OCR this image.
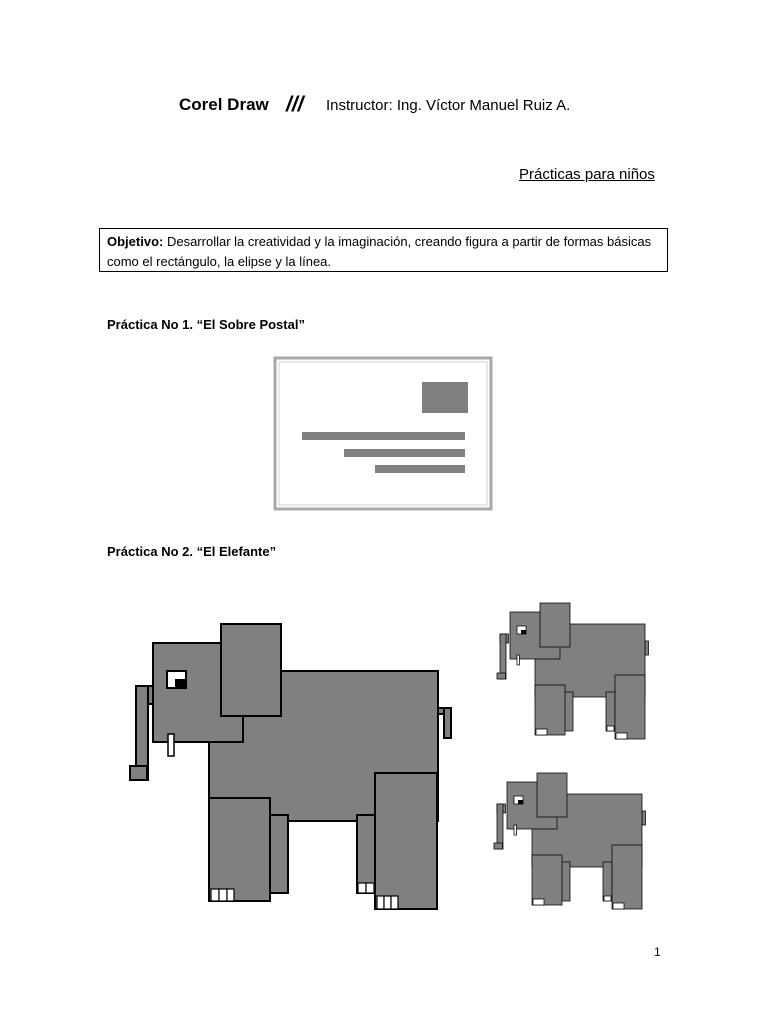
Corel Draw /// Instructor: Ing. Víctor Manuel Ruiz A.
Prácticas para niños
Objetivo: Desarrollar la creatividad y la imaginación, creando figura a partir de formas básicas como el rectángulo, la elipse y la línea.
Práctica No 1. “El Sobre Postal”
Práctica No 2. “El Elefante”
1
